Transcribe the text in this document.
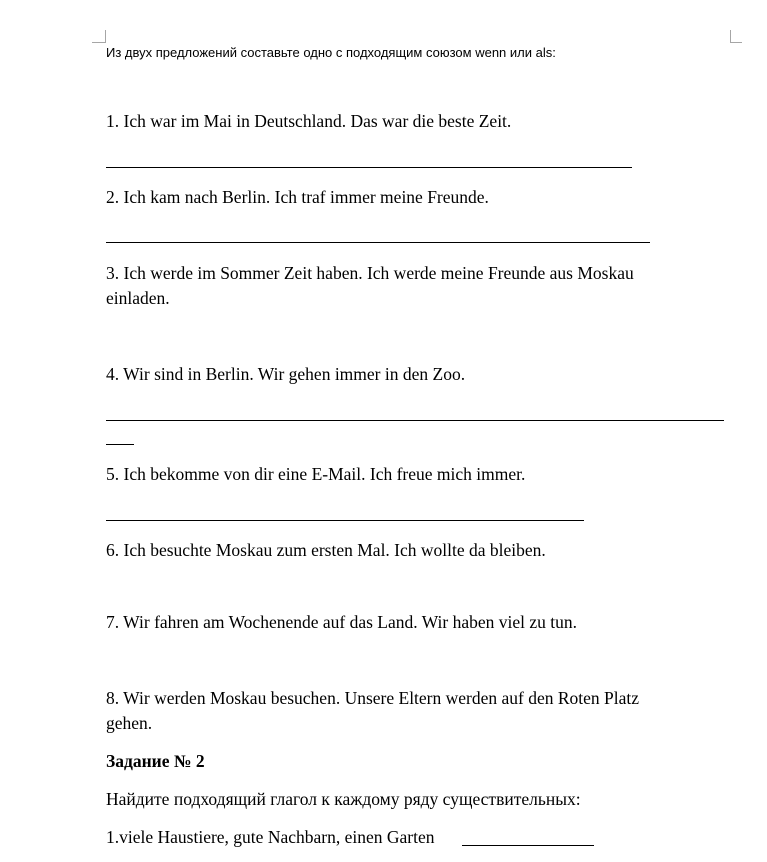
Из двух предложений составьте одно с подходящим союзом wenn или als:
1. Ich war im Mai in Deutschland. Das war die beste Zeit.
2. Ich kam nach Berlin. Ich traf immer meine Freunde.
3. Ich werde im Sommer Zeit haben. Ich werde meine Freunde aus Moskau
einladen.
4. Wir sind in Berlin. Wir gehen immer in den Zoo.
5. Ich bekomme von dir eine E-Mail. Ich freue mich immer.
6. Ich besuchte Moskau zum ersten Mal. Ich wollte da bleiben.
7. Wir fahren am Wochenende auf das Land. Wir haben viel zu tun.
8. Wir werden Moskau besuchen. Unsere Eltern werden auf den Roten Platz
gehen.
Задание № 2
Найдите подходящий глагол к каждому ряду существительных:
1.viele Haustiere, gute Nachbarn, einen Garten
